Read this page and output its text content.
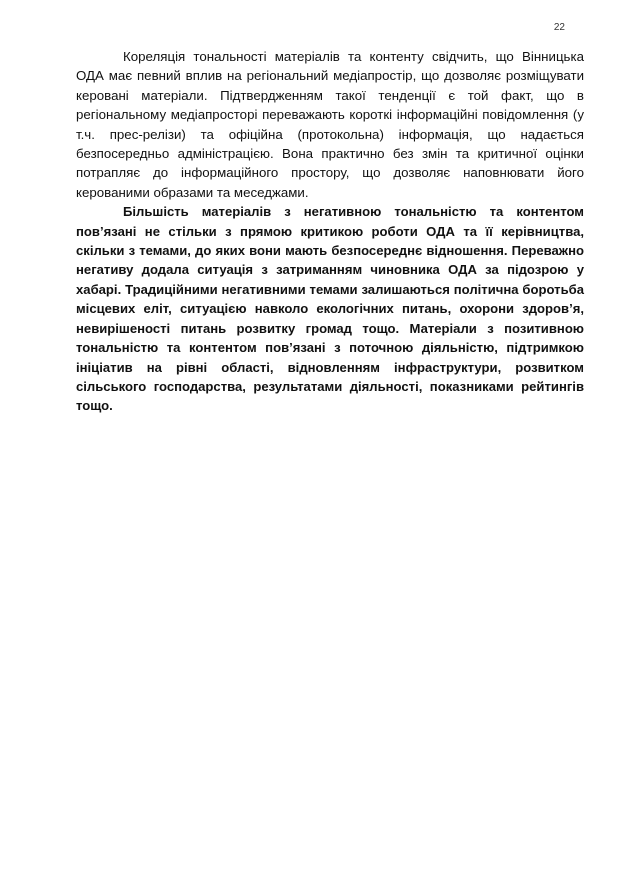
22

Кореляція тональності матеріалів та контенту свідчить, що Вінницька ОДА має певний вплив на регіональний медіапростір, що дозволяє розміщувати керовані матеріали. Підтвердженням такої тенденції є той факт, що в регіональному медіапросторі переважають короткі інформаційні повідомлення (у т.ч. прес-релізи) та офіційна (протокольна) інформація, що надається безпосередньо адміністрацією. Вона практично без змін та критичної оцінки потрапляє до інформаційного простору, що дозволяє наповнювати його керованими образами та меседжами.

Більшість матеріалів з негативною тональністю та контентом пов’язані не стільки з прямою критикою роботи ОДА та її керівництва, скільки з темами, до яких вони мають безпосереднє відношення. Переважно негативу додала ситуація з затриманням чиновника ОДА за підозрою у хабарі. Традиційними негативними темами залишаються політична боротьба місцевих еліт, ситуацією навколо екологічних питань, охорони здоров’я, невирішеності питань розвитку громад тощо. Матеріали з позитивною тональністю та контентом пов’язані з поточною діяльністю, підтримкою ініціатив на рівні області, відновленням інфраструктури, розвитком сільського господарства, результатами діяльності, показниками рейтингів тощо.
